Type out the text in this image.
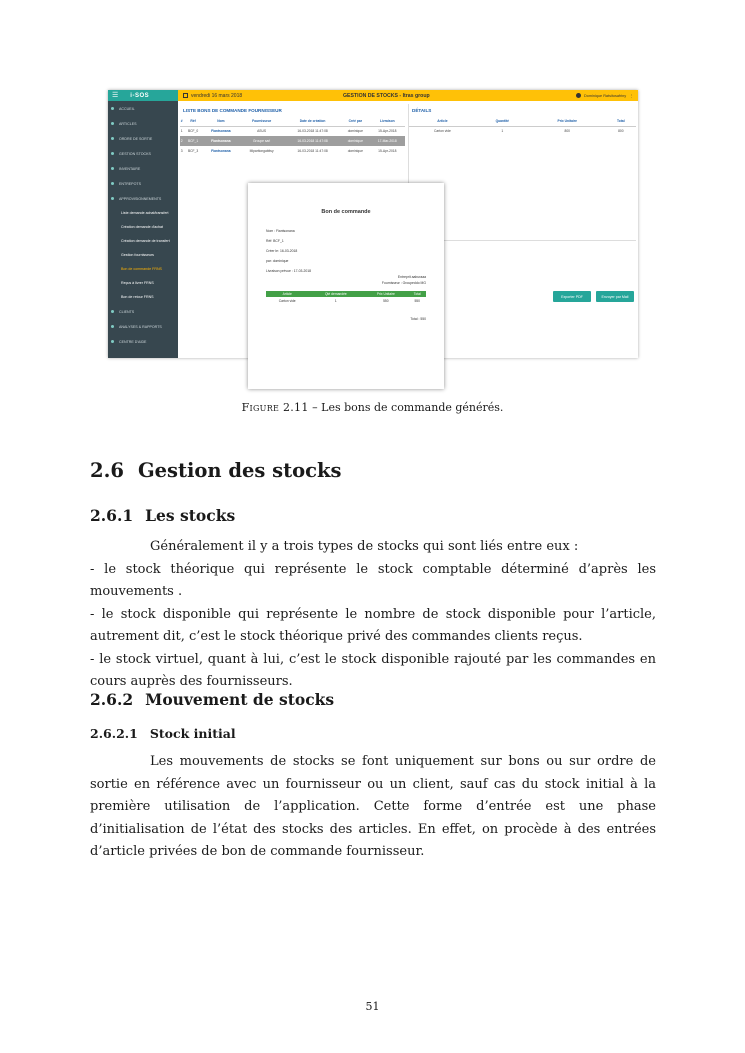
☰ i-SOS
ACCUEIL
ARTICLES
ORDRE DE SORTIE
GESTION STOCKS
INVENTAIRE
ENTREPOTS
APPROVISIONNEMENTS
Liste demande achat/transfert
Création demande d'achat
Création demande de transfert
Gestion fournisseurs
Bon de commande FRNS
Reçus à livrer FRNS
Bon de retour FRNS
CLIENTS
ANALYSES & RAPPORTS
CENTRE D'AIDE
vendredi 16 mars 2018	GESTION DE STOCKS - Itras group	Dominique Ratsitosafriny ⋮
LISTE BONS DE COMMANDE FOURNISSEUR
#	Réf	Nom	Fournisseur	Date de création	Créé par	Livraison
1	BCF_0	Fiantsonana	ASUS	16-03-2018 11:47:08	dominique	15-Apr-2018
2	BCF_1	Fiantsonana	Groupe sarl	16-03-2018 11:47:08	dominique	17-Mar-2018
3	BCF_3	Fiantsonana	Miparitongabitsy	16-03-2018 11:47:08	dominique	15-Apr-2018
DÉTAILS
Article	Quantité	Prix Unitaire	Total
Carton vide	1	800	800
Exporter PDF	Envoyer par Mail
Bon de commande
Nom : Fiantsonana
Réf: BCF_1
Créer le: 16-03-2018
par: dominique
Livraison prévue : 17-03-2018
Entreprit aaburaaa
Fournisseur : Groupeddo MG
Article	Qté demandée	Prix Unitaire	Total
Carton vide	1	550	550
Total : 550
Figure 2.11 – Les bons de commande générés.
2.6 Gestion des stocks
2.6.1 Les stocks
Généralement il y a trois types de stocks qui sont liés entre eux :
- le stock théorique qui représente le stock comptable déterminé d’après les mouvements .
- le stock disponible qui représente le nombre de stock disponible pour l’article, autrement dit, c’est le stock théorique privé des commandes clients reçus.
- le stock virtuel, quant à lui, c’est le stock disponible rajouté par les commandes en cours auprès des fournisseurs.
2.6.2 Mouvement de stocks
2.6.2.1 Stock initial
Les mouvements de stocks se font uniquement sur bons ou sur ordre de sortie en référence avec un fournisseur ou un client, sauf cas du stock initial à la première utilisation de l’application. Cette forme d’entrée est une phase d’initialisation de l’état des stocks des articles. En effet, on procède à des entrées d’article privées de bon de commande fournisseur.
51
